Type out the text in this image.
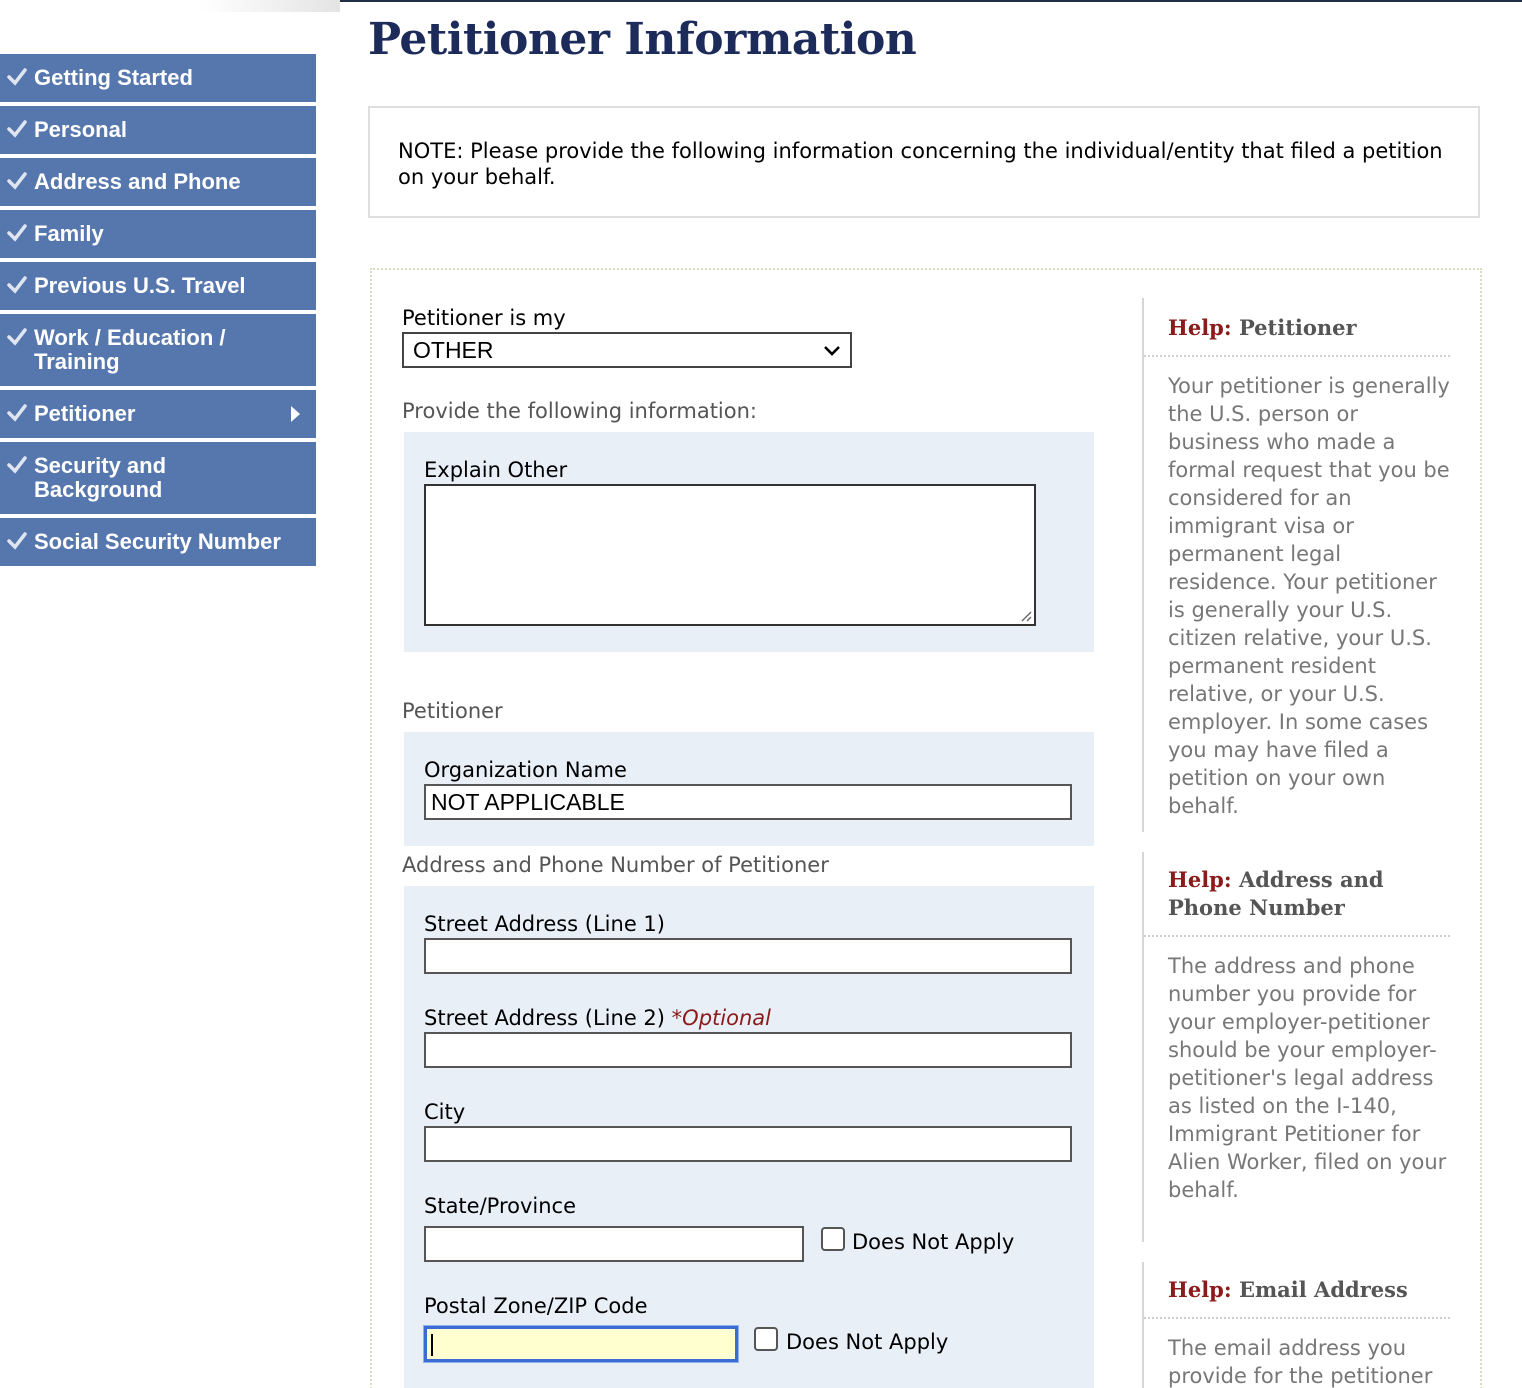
Getting Started
Personal
Address and Phone
Family
Previous U.S. Travel
Work / Education / Training
Petitioner
Security and Background
Social Security Number
Petitioner Information
NOTE: Please provide the following information concerning the individual/entity that filed a petition on your behalf.
Petitioner is my
OTHER
Provide the following information:
Explain Other
Petitioner
Organization Name
NOT APPLICABLE
Address and Phone Number of Petitioner
Street Address (Line 1)
Street Address (Line 2) *Optional
City
State/Province
Does Not Apply
Postal Zone/ZIP Code
Does Not Apply
Help: Petitioner
Your petitioner is generally the U.S. person or business who made a formal request that you be considered for an immigrant visa or permanent legal residence. Your petitioner is generally your U.S. citizen relative, your U.S. permanent resident relative, or your U.S. employer. In some cases you may have filed a petition on your own behalf.
Help: Address and Phone Number
The address and phone number you provide for your employer-petitioner should be your employer-petitioner's legal address as listed on the I-140, Immigrant Petitioner for Alien Worker, filed on your behalf.
Help: Email Address
The email address you provide for the petitioner
